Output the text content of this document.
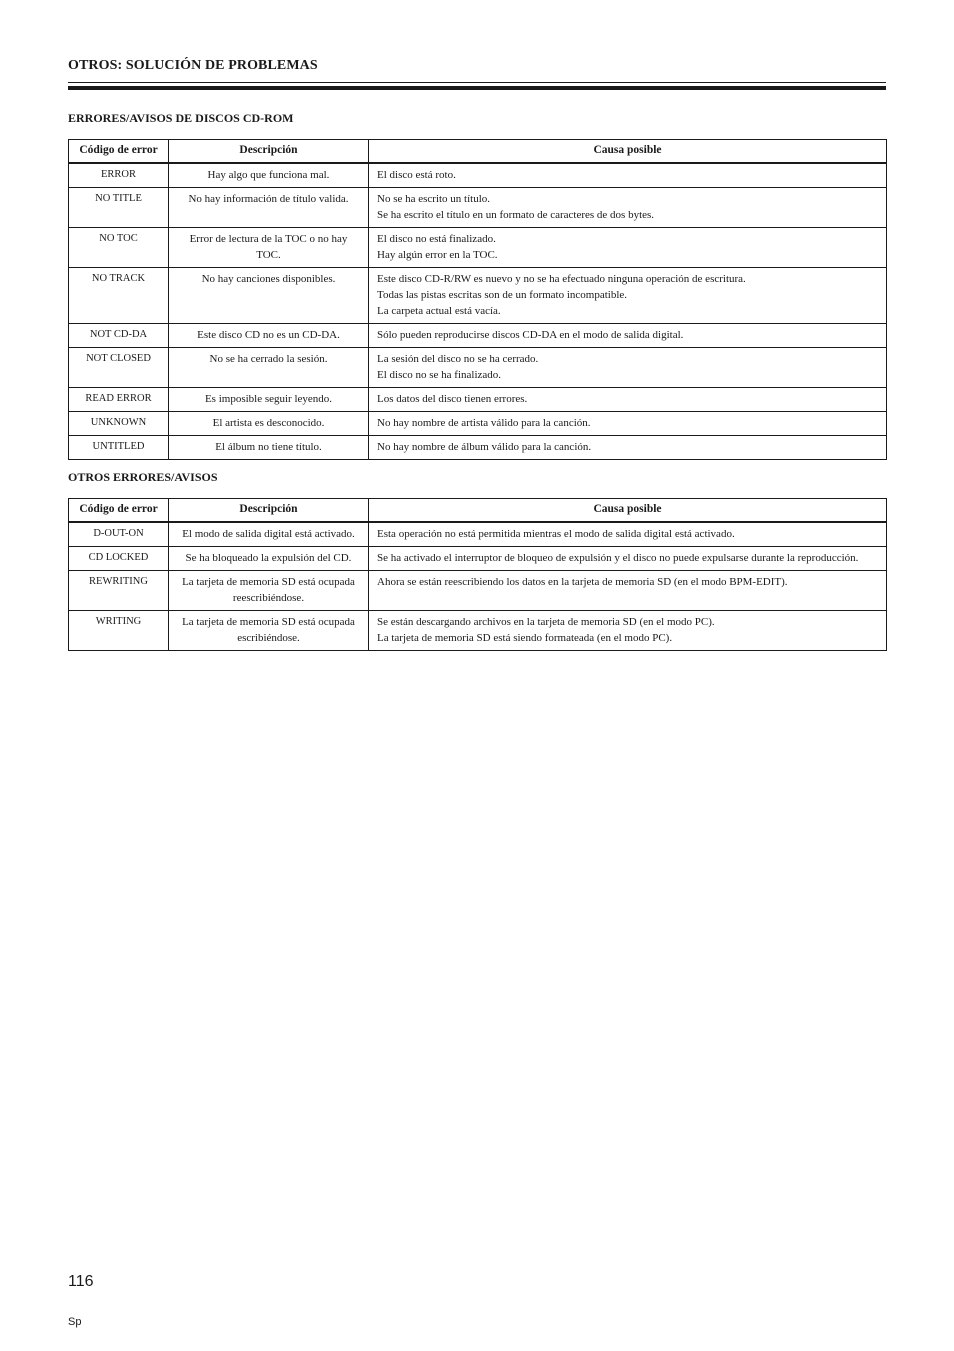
OTROS: SOLUCIÓN DE PROBLEMAS
ERRORES/AVISOS DE DISCOS CD-ROM
Código de error	Descripción	Causa posible
ERROR	Hay algo que funciona mal.	El disco está roto.

NO TITLE	No hay información de título valida.	No se ha escrito un título.
Se ha escrito el título en un formato de caracteres de dos bytes.

NO TOC	Error de lectura de la TOC o no hay TOC.	El disco no está finalizado.
Hay algún error en la TOC.

NO TRACK	No hay canciones disponibles.	Este disco CD-R/RW es nuevo y no se ha efectuado ninguna operación de escritura.
Todas las pistas escritas son de un formato incompatible.
La carpeta actual está vacía.

NOT CD-DA	Este disco CD no es un CD-DA.	Sólo pueden reproducirse discos CD-DA en el modo de salida digital.

NOT CLOSED	No se ha cerrado la sesión.	La sesión del disco no se ha cerrado.
El disco no se ha finalizado.

READ ERROR	Es imposible seguir leyendo.	Los datos del disco tienen errores.

UNKNOWN	El artista es desconocido.	No hay nombre de artista válido para la canción.

UNTITLED	El álbum no tiene título.	No hay nombre de álbum válido para la canción.
OTROS ERRORES/AVISOS
Código de error	Descripción	Causa posible
D-OUT-ON	El modo de salida digital está activado.	Esta operación no está permitida mientras el modo de salida digital está activado.

CD LOCKED	Se ha bloqueado la expulsión del CD.	Se ha activado el interruptor de bloqueo de expulsión y el disco no puede expulsarse durante la reproducción.

REWRITING	La tarjeta de memoria SD está ocupada reescribiéndose.	Ahora se están reescribiendo los datos en la tarjeta de memoria SD (en el modo BPM-EDIT).

WRITING	La tarjeta de memoria SD está ocupada escribiéndose.	Se están descargando archivos en la tarjeta de memoria SD (en el modo PC).
La tarjeta de memoria SD está siendo formateada (en el modo PC).
116
Sp
